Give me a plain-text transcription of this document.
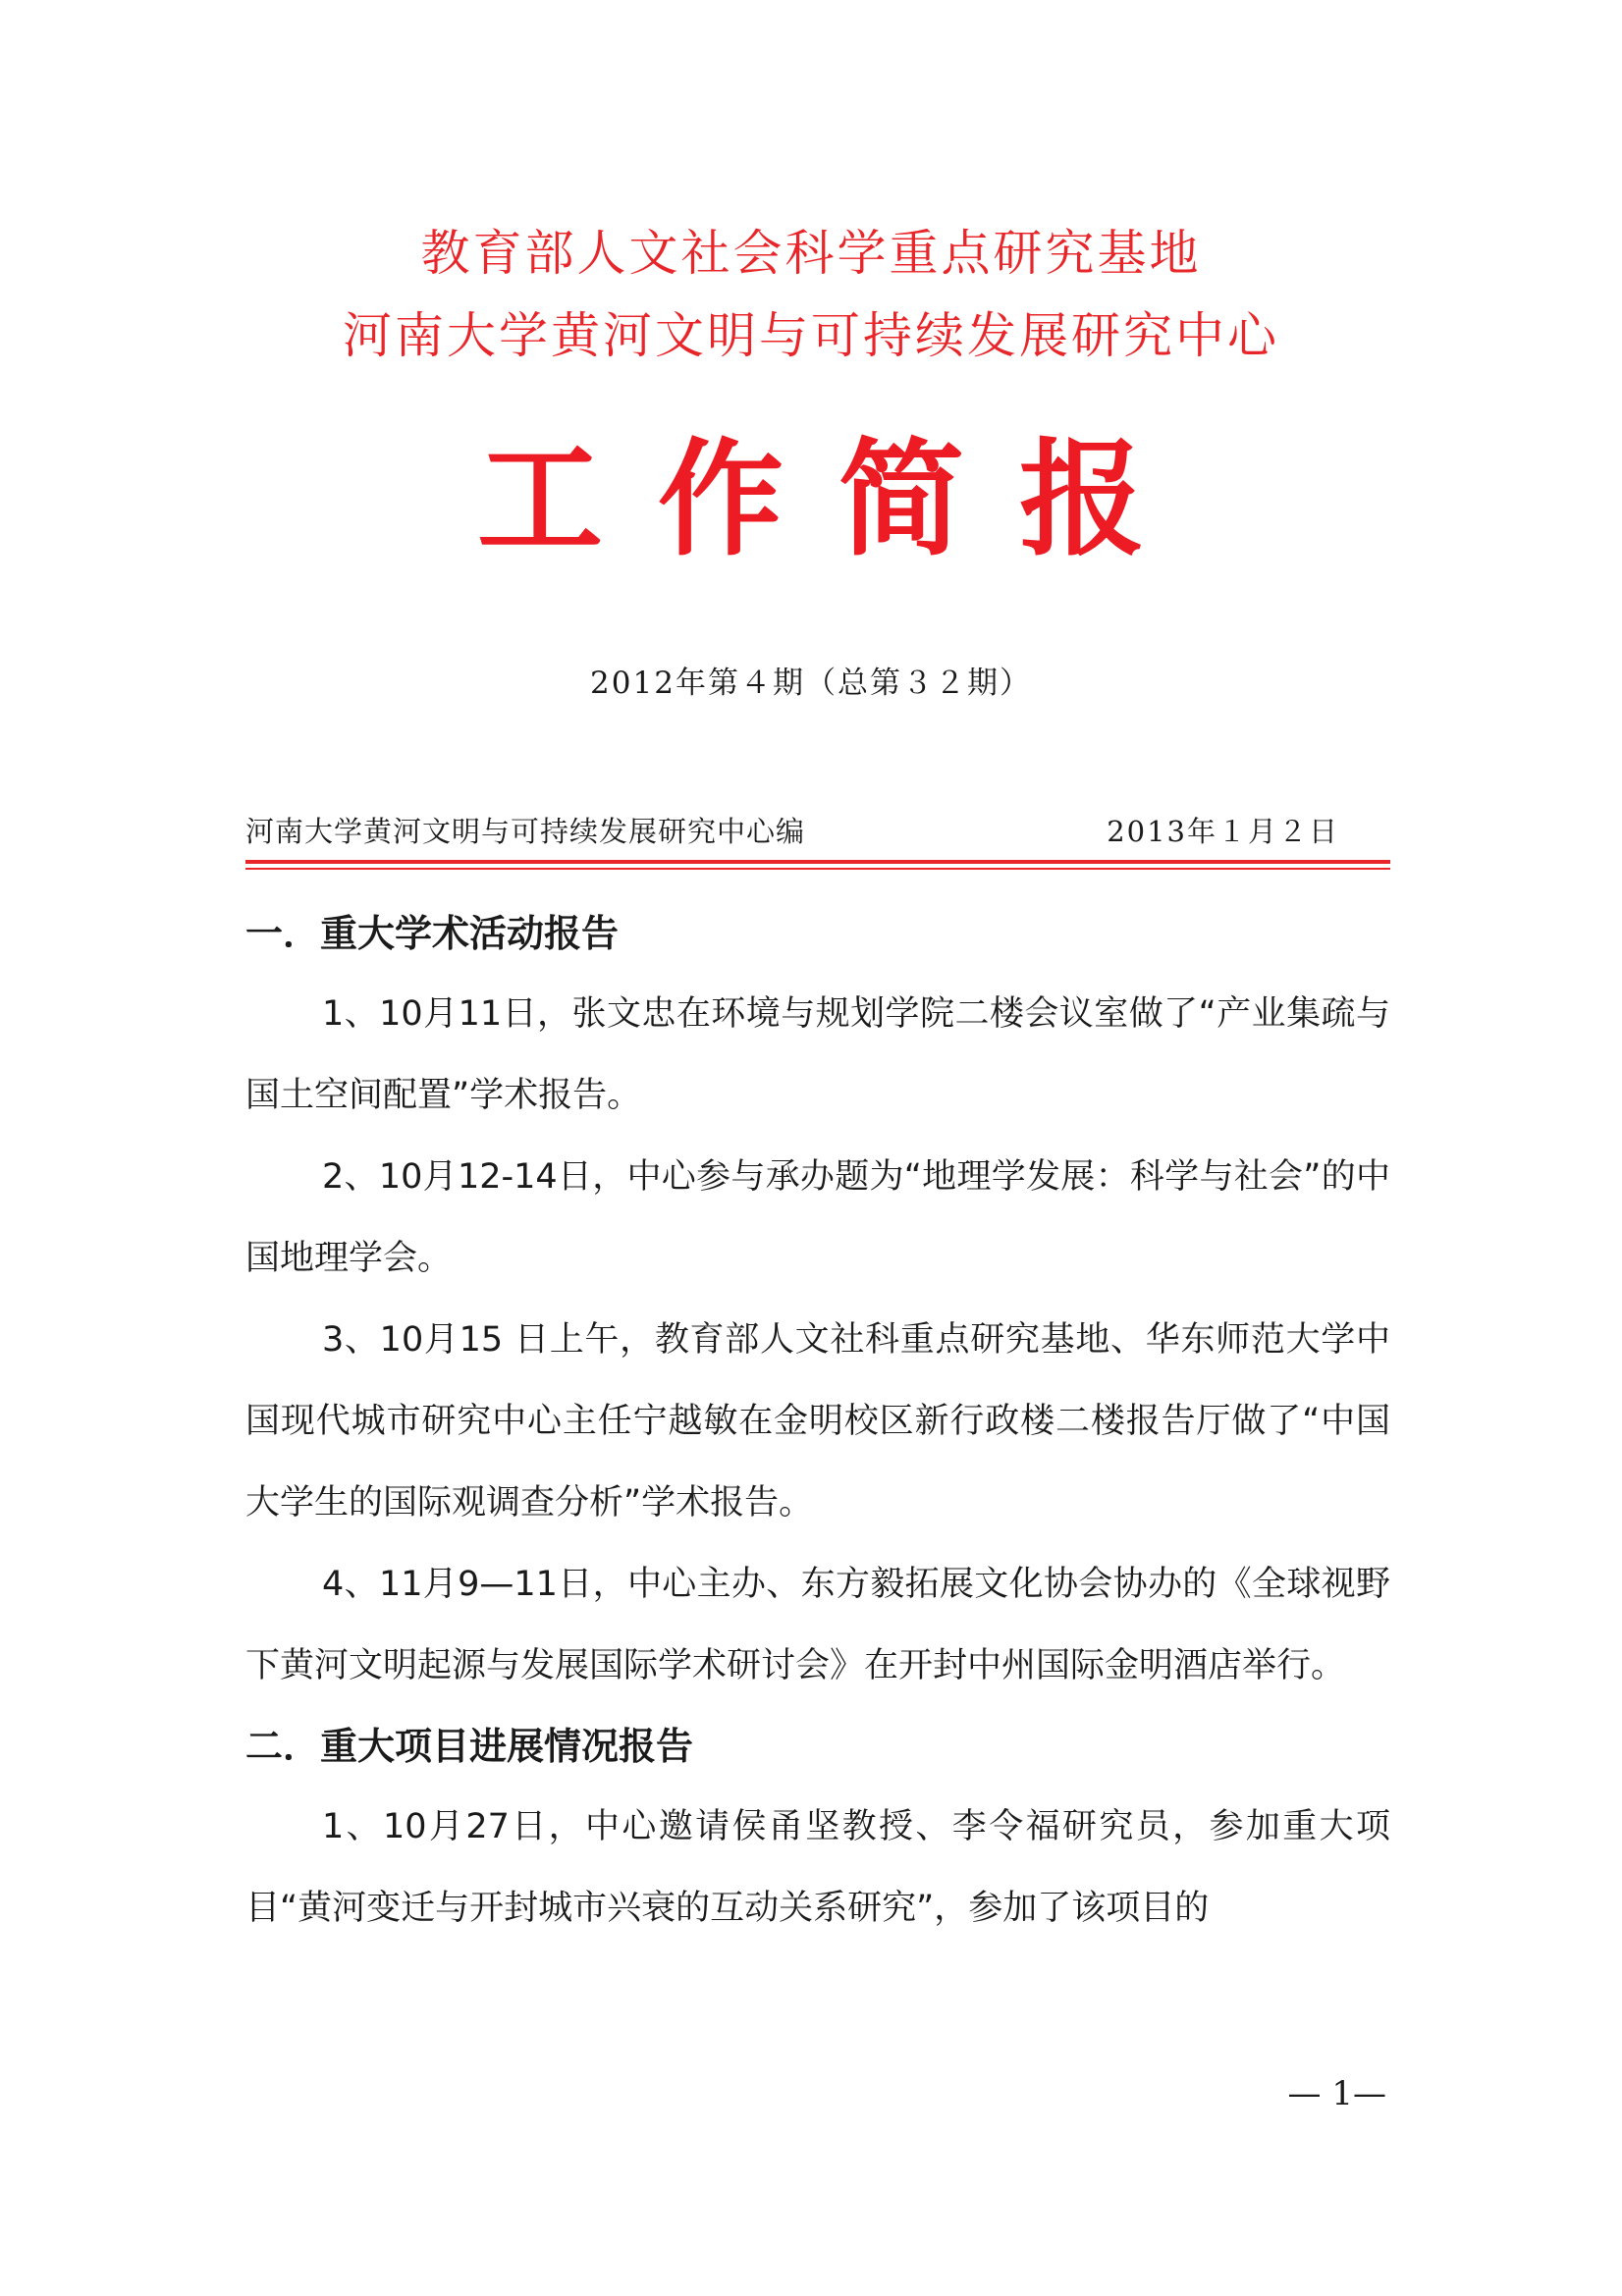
教育部人文社会科学重点研究基地
河南大学黄河文明与可持续发展研究中心
工作简报
2012年第４期（总第３２期）
河南大学黄河文明与可持续发展研究中心编	2013年１月２日
一．重大学术活动报告

1、10月11日，张文忠在环境与规划学院二楼会议室做了“产业集疏与国土空间配置”学术报告。

2、10月12-14日，中心参与承办题为“地理学发展：科学与社会”的中国地理学会。

3、10月15 日上午，教育部人文社科重点研究基地、华东师范大学中国现代城市研究中心主任宁越敏在金明校区新行政楼二楼报告厅做了“中国大学生的国际观调查分析”学术报告。

4、11月9—11日，中心主办、东方毅拓展文化协会协办的《全球视野下黄河文明起源与发展国际学术研讨会》在开封中州国际金明酒店举行。

二．重大项目进展情况报告

1、10月27日，中心邀请侯甬坚教授、李令福研究员，参加重大项目“黄河变迁与开封城市兴衰的互动关系研究”，参加了该项目的

— 1—
